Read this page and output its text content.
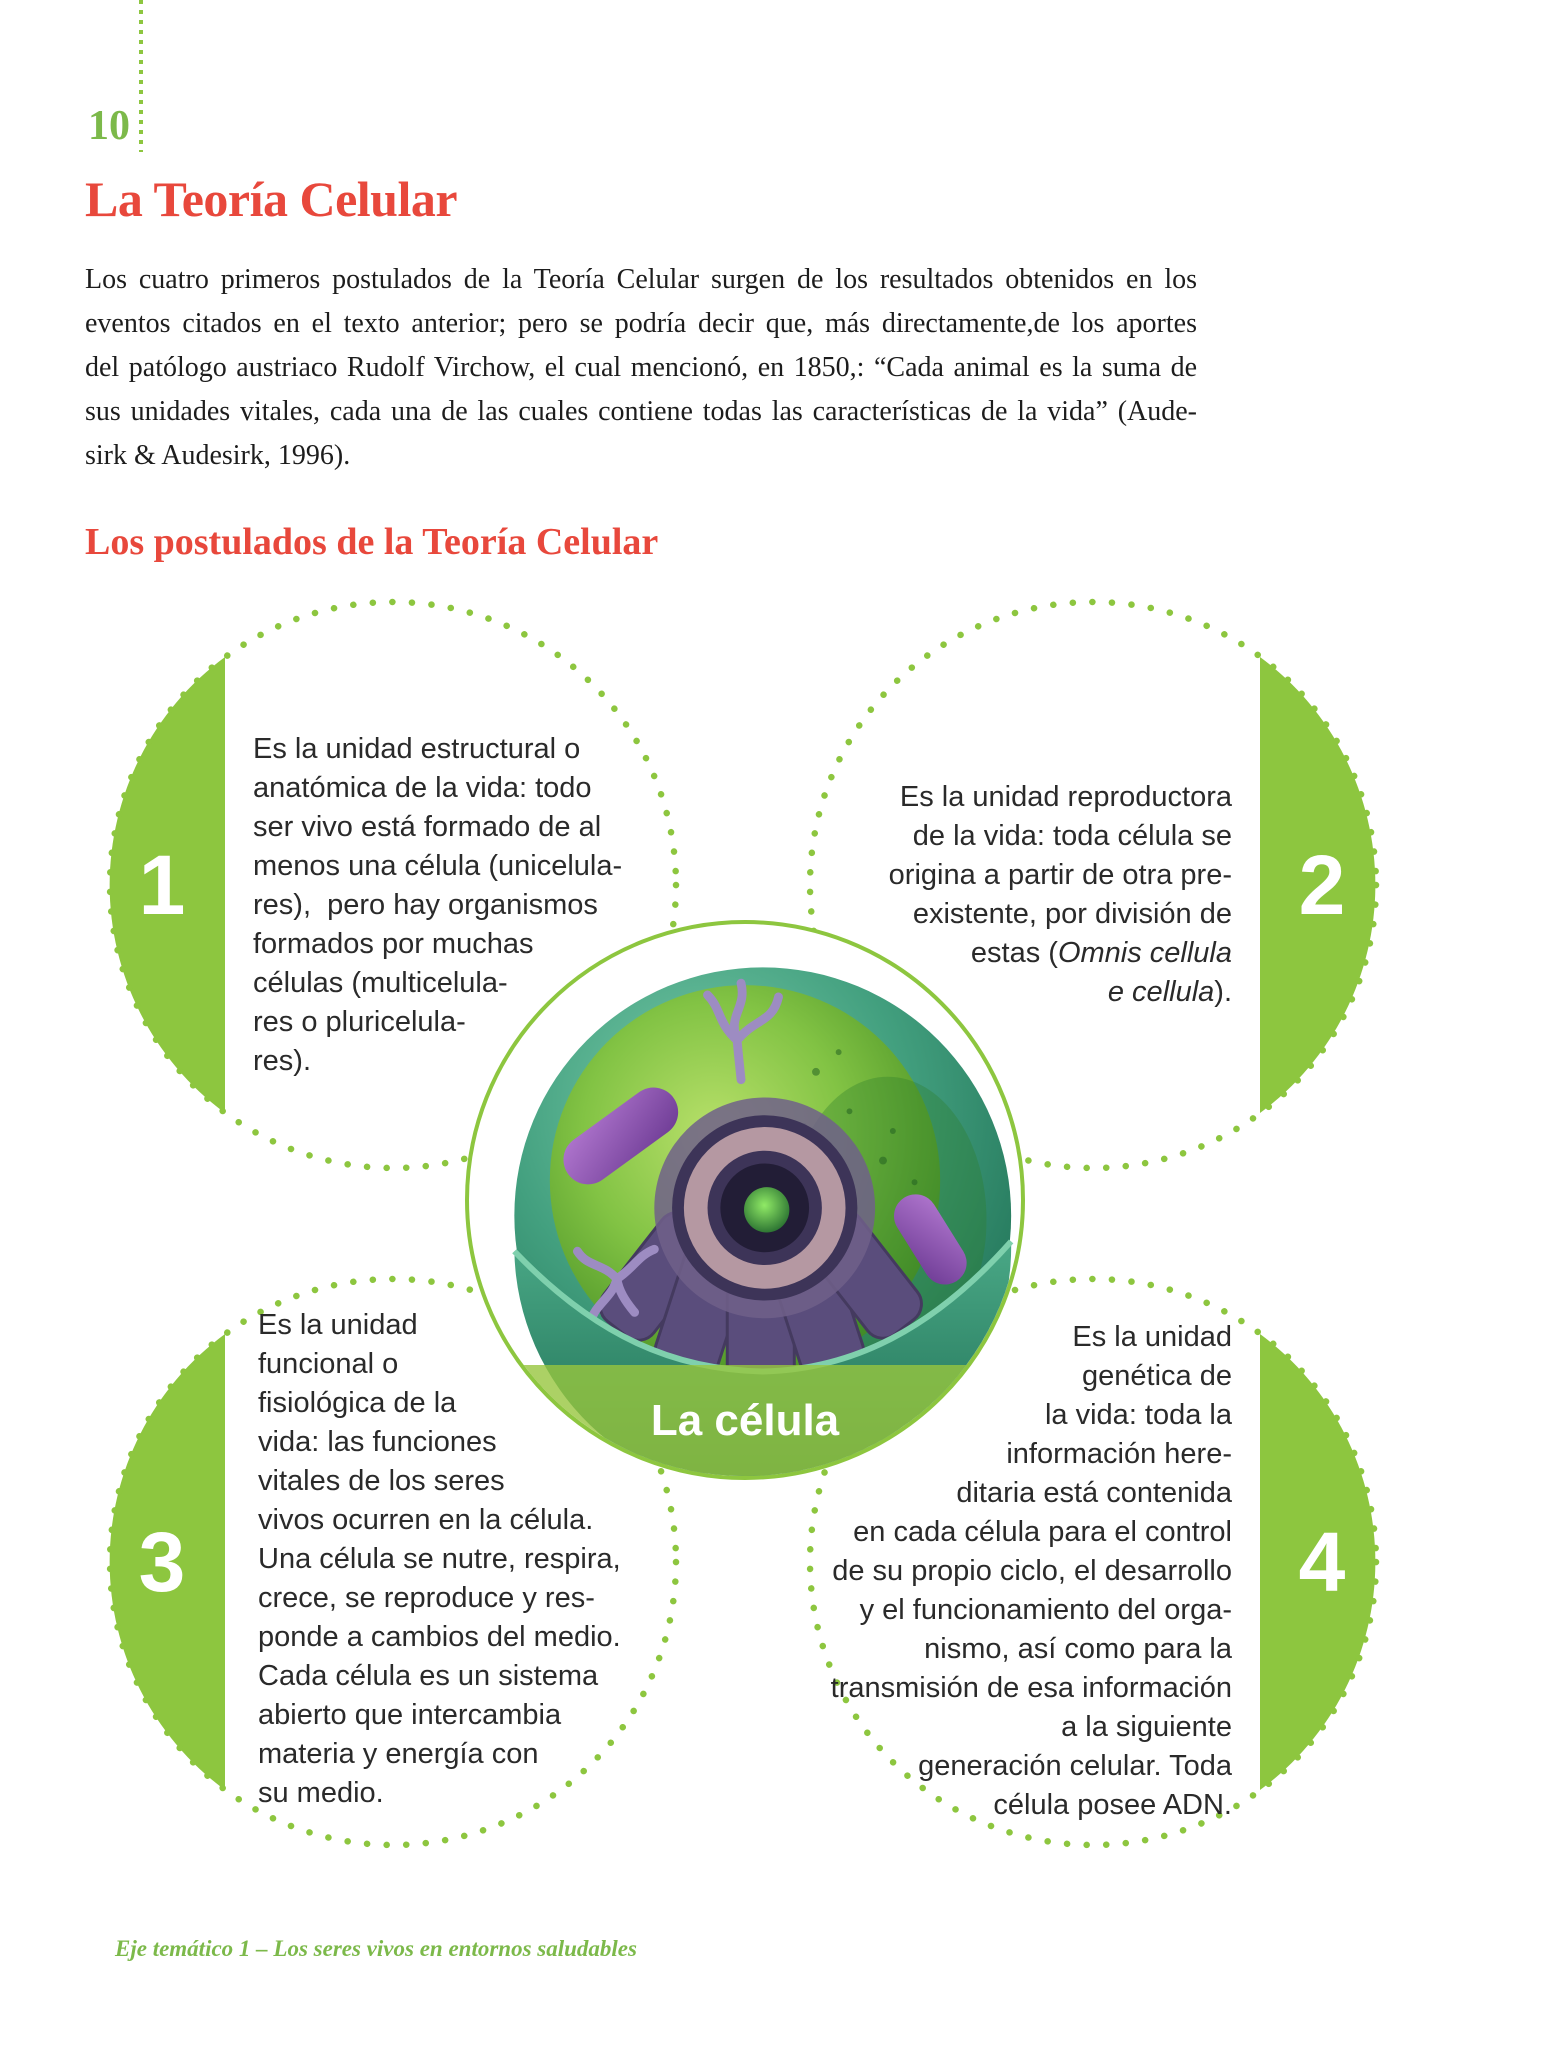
10
La Teoría Celular
Los cuatro primeros postulados de la Teoría Celular surgen de los resultados obtenidos en los
eventos citados en el texto anterior; pero se podría decir que, más directamente,de los aportes
del patólogo austriaco Rudolf Virchow, el cual mencionó, en 1850,: “Cada animal es la suma de
sus unidades vitales, cada una de las cuales contiene todas las características de la vida” (Aude-
sirk & Audesirk, 1996).
Los postulados de la Teoría Celular
La célula
1	2
3	4
Es la unidad estructural o
anatómica de la vida: todo
ser vivo está formado de al
menos una célula (unicelula-
res),  pero hay organismos
formados por muchas
células (multicelula-
res o pluricelula-
res).
Es la unidad reproductora
de la vida: toda célula se
origina a partir de otra pre-
existente, por división de
estas (Omnis cellula
e cellula).
Es la unidad
funcional o
fisiológica de la
vida: las funciones
vitales de los seres
vivos ocurren en la célula.
Una célula se nutre, respira,
crece, se reproduce y res-
ponde a cambios del medio.
Cada célula es un sistema
abierto que intercambia
materia y energía con
su medio.
Es la unidad
genética de
la vida: toda la
información here-
ditaria está contenida
en cada célula para el control
de su propio ciclo, el desarrollo
y el funcionamiento del orga-
nismo, así como para la
transmisión de esa información
a la siguiente
generación celular. Toda
célula posee ADN.
Eje temático 1 – Los seres vivos en entornos saludables
